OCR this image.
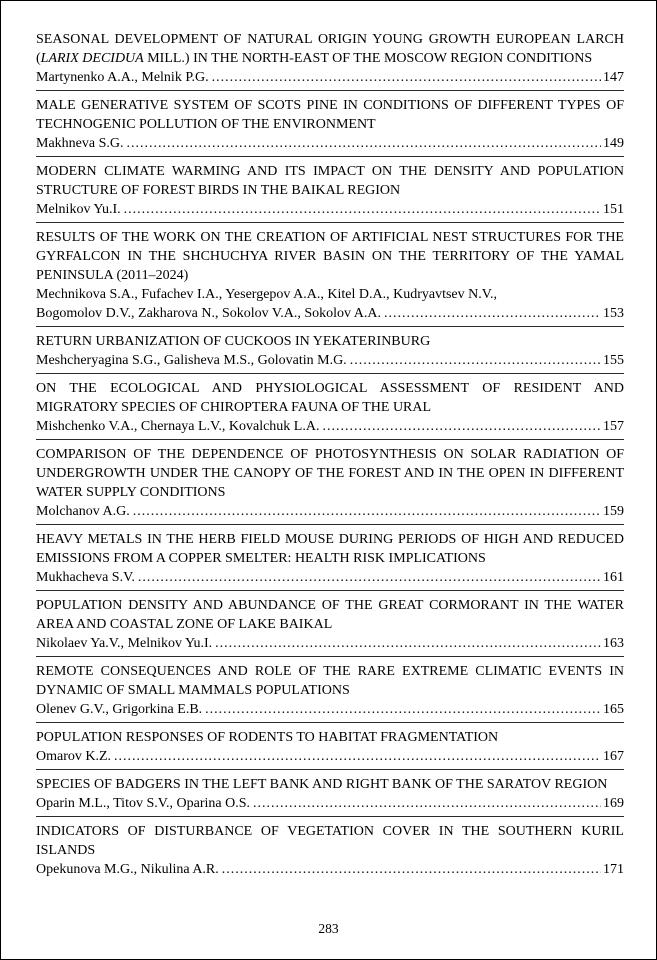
SEASONAL DEVELOPMENT OF NATURAL ORIGIN YOUNG GROWTH EUROPEAN LARCH (LARIX DECIDUA MILL.) IN THE NORTH-EAST OF THE MOSCOW REGION CONDITIONS
Martynenko A.A., Melnik P.G. .....	147
MALE GENERATIVE SYSTEM OF SCOTS PINE IN CONDITIONS OF DIFFERENT TYPES OF TECHNOGENIC POLLUTION OF THE ENVIRONMENT
Makhneva S.G. .....	149
MODERN CLIMATE WARMING AND ITS IMPACT ON THE DENSITY AND POPULATION STRUCTURE OF FOREST BIRDS IN THE BAIKAL REGION
Melnikov Yu.I. .....	151
RESULTS OF THE WORK ON THE CREATION OF ARTIFICIAL NEST STRUCTURES FOR THE GYRFALCON IN THE SHCHUCHYA RIVER BASIN ON THE TERRITORY OF THE YAMAL PENINSULA (2011–2024)
Mechnikova S.A., Fufachev I.A., Yesergepov A.A., Kitel D.A., Kudryavtsev N.V.,
Bogomolov D.V., Zakharova N., Sokolov V.A., Sokolov A.A. .....	153
RETURN URBANIZATION OF CUCKOOS IN YEKATERINBURG
Meshcheryagina S.G., Galisheva M.S., Golovatin M.G. .....	155
ON THE ECOLOGICAL AND PHYSIOLOGICAL ASSESSMENT OF RESIDENT AND MIGRATORY SPECIES OF CHIROPTERA FAUNA OF THE URAL
Mishchenko V.A., Chernaya L.V., Kovalchuk L.A. .....	157
COMPARISON OF THE DEPENDENCE OF PHOTOSYNTHESIS ON SOLAR RADIATION OF UNDERGROWTH UNDER THE CANOPY OF THE FOREST AND IN THE OPEN IN DIFFERENT WATER SUPPLY CONDITIONS
Molchanov A.G. .....	159
HEAVY METALS IN THE HERB FIELD MOUSE DURING PERIODS OF HIGH AND REDUCED EMISSIONS FROM A COPPER SMELTER: HEALTH RISK IMPLICATIONS
Mukhacheva S.V. .....	161
POPULATION DENSITY AND ABUNDANCE OF THE GREAT CORMORANT IN THE WATER AREA AND COASTAL ZONE OF LAKE BAIKAL
Nikolaev Ya.V., Melnikov Yu.I. .....	163
REMOTE CONSEQUENCES AND ROLE OF THE RARE EXTREME CLIMATIC EVENTS IN DYNAMIC OF SMALL MAMMALS POPULATIONS
Olenev G.V., Grigorkina E.B. .....	165
POPULATION RESPONSES OF RODENTS TO HABITAT FRAGMENTATION
Omarov K.Z. .....	167
SPECIES OF BADGERS IN THE LEFT BANK AND RIGHT BANK OF THE SARATOV REGION
Oparin M.L., Titov S.V., Oparina O.S. .....	169
INDICATORS OF DISTURBANCE OF VEGETATION COVER IN THE SOUTHERN KURIL ISLANDS
Opekunova M.G., Nikulina A.R. .....	171
283
